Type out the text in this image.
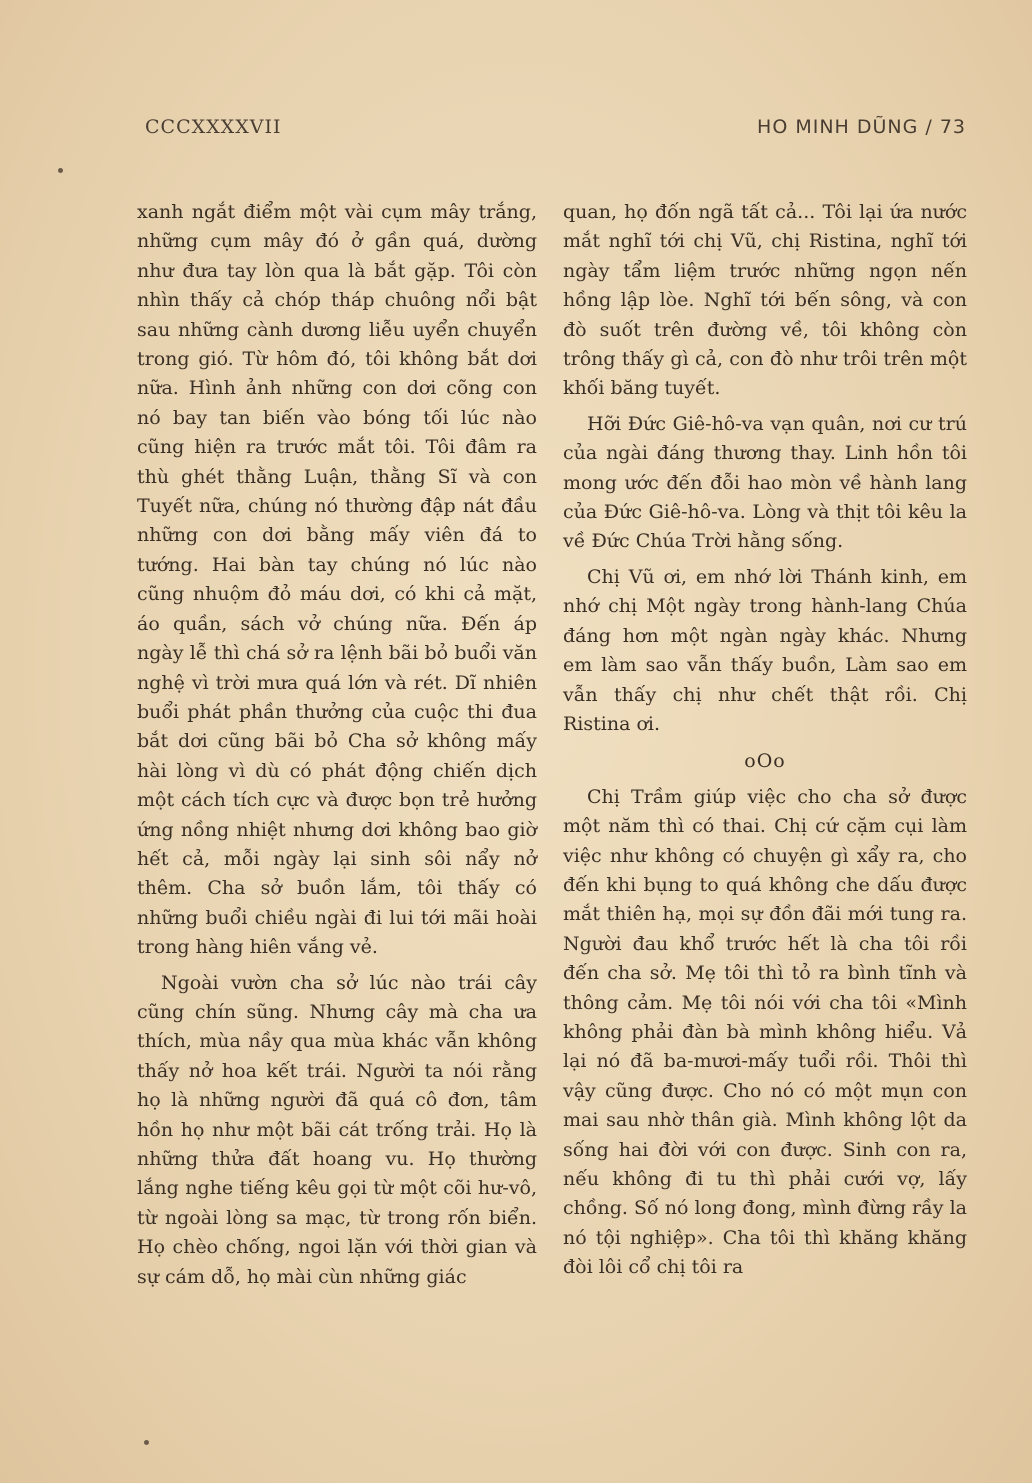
CCCXXXXVII	HO MINH DŨNG / 73

xanh ngắt điểm một vài cụm mây trắng, những cụm mây đó ở gần quá, dường như đưa tay lòn qua là bắt gặp. Tôi còn nhìn thấy cả chóp tháp chuông nổi bật sau những cành dương liễu uyển chuyển trong gió. Từ hôm đó, tôi không bắt dơi nữa. Hình ảnh những con dơi cõng con nó bay tan biến vào bóng tối lúc nào cũng hiện ra trước mắt tôi. Tôi đâm ra thù ghét thằng Luận, thằng Sĩ và con Tuyết nữa, chúng nó thường đập nát đầu những con dơi bằng mấy viên đá to tướng. Hai bàn tay chúng nó lúc nào cũng nhuộm đỏ máu dơi, có khi cả mặt, áo quần, sách vở chúng nữa. Đến áp ngày lễ thì chá sở ra lệnh bãi bỏ buổi văn nghệ vì trời mưa quá lớn và rét. Dĩ nhiên buổi phát phần thưởng của cuộc thi đua bắt dơi cũng bãi bỏ Cha sở không mấy hài lòng vì dù có phát động chiến dịch một cách tích cực và được bọn trẻ hưởng ứng nồng nhiệt nhưng dơi không bao giờ hết cả, mỗi ngày lại sinh sôi nẩy nở thêm. Cha sở buồn lắm, tôi thấy có những buổi chiều ngài đi lui tới mãi hoài trong hàng hiên vắng vẻ.

Ngoài vườn cha sở lúc nào trái cây cũng chín sũng. Nhưng cây mà cha ưa thích, mùa nầy qua mùa khác vẫn không thấy nở hoa kết trái. Người ta nói rằng họ là những người đã quá cô đơn, tâm hồn họ như một bãi cát trống trải. Họ là những thửa đất hoang vu. Họ thường lắng nghe tiếng kêu gọi từ một cõi hư-vô, từ ngoài lòng sa mạc, từ trong rốn biển. Họ chèo chống, ngoi lặn với thời gian và sự cám dỗ, họ mài cùn những giác

quan, họ đốn ngã tất cả... Tôi lại ứa nước mắt nghĩ tới chị Vũ, chị Ristina, nghĩ tới ngày tẩm liệm trước những ngọn nến hồng lập lòe. Nghĩ tới bến sông, và con đò suốt trên đường về, tôi không còn trông thấy gì cả, con đò như trôi trên một khối băng tuyết.

Hỡi Đức Giê-hô-va vạn quân, nơi cư trú của ngài đáng thương thay. Linh hồn tôi mong ước đến đỗi hao mòn về hành lang của Đức Giê-hô-va. Lòng và thịt tôi kêu la về Đức Chúa Trời hằng sống.

Chị Vũ ơi, em nhớ lời Thánh kinh, em nhớ chị Một ngày trong hành-lang Chúa đáng hơn một ngàn ngày khác. Nhưng em làm sao vẫn thấy buồn, Làm sao em vẫn thấy chị như chết thật rồi. Chị Ristina ơi.

oOo

Chị Trầm giúp việc cho cha sở được một năm thì có thai. Chị cứ cặm cụi làm việc như không có chuyện gì xẩy ra, cho đến khi bụng to quá không che dấu được mắt thiên hạ, mọi sự đồn đãi mới tung ra. Người đau khổ trước hết là cha tôi rồi đến cha sở. Mẹ tôi thì tỏ ra bình tĩnh và thông cảm. Mẹ tôi nói với cha tôi «Mình không phải đàn bà mình không hiểu. Vả lại nó đã ba-mươi-mấy tuổi rồi. Thôi thì vậy cũng được. Cho nó có một mụn con mai sau nhờ thân già. Mình không lột da sống hai đời với con được. Sinh con ra, nếu không đi tu thì phải cưới vợ, lấy chồng. Số nó long đong, mình đừng rầy la nó tội nghiệp». Cha tôi thì khăng khăng đòi lôi cổ chị tôi ra
